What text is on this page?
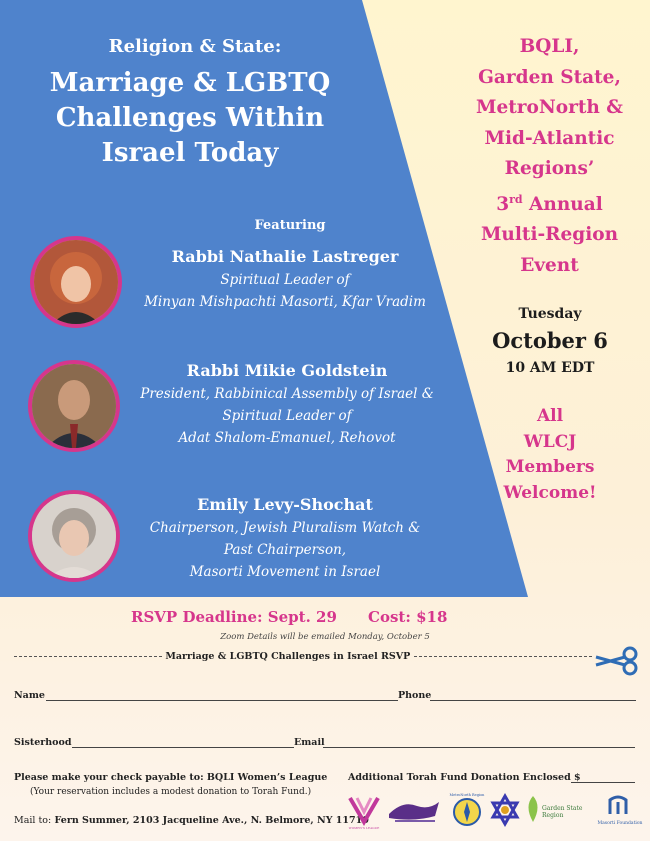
Religion & State:
Marriage & LGBTQ
Challenges Within
Israel Today
Featuring
Rabbi Nathalie Lastreger
Spiritual Leader of
Minyan Mishpachti Masorti, Kfar Vradim
Rabbi Mikie Goldstein
President, Rabbinical Assembly of Israel &
Spiritual Leader of
Adat Shalom-Emanuel, Rehovot
Emily Levy-Shochat
Chairperson, Jewish Pluralism Watch &
Past Chairperson,
Masorti Movement in Israel
BQLI,
Garden State,
MetroNorth &
Mid-Atlantic
Regions’
3rd Annual
Multi-Region
Event
Tuesday
October 6
10 AM EDT
All
WLCJ
Members
Welcome!
RSVP Deadline: Sept. 29 Cost: $18
Zoom Details will be emailed Monday, October 5
Marriage & LGBTQ Challenges in Israel RSVP
Name	Phone
Sisterhood	Email
Please make your check payable to: BQLI Women’s League
(Your reservation includes a modest donation to Torah Fund.)
Additional Torah Fund Donation Enclosed $
Mail to: Fern Summer, 2103 Jacqueline Ave., N. Belmore, NY 11710
WOMEN'S LEAGUE
MetroNorth Region
Garden State Region
Masorti Foundation
